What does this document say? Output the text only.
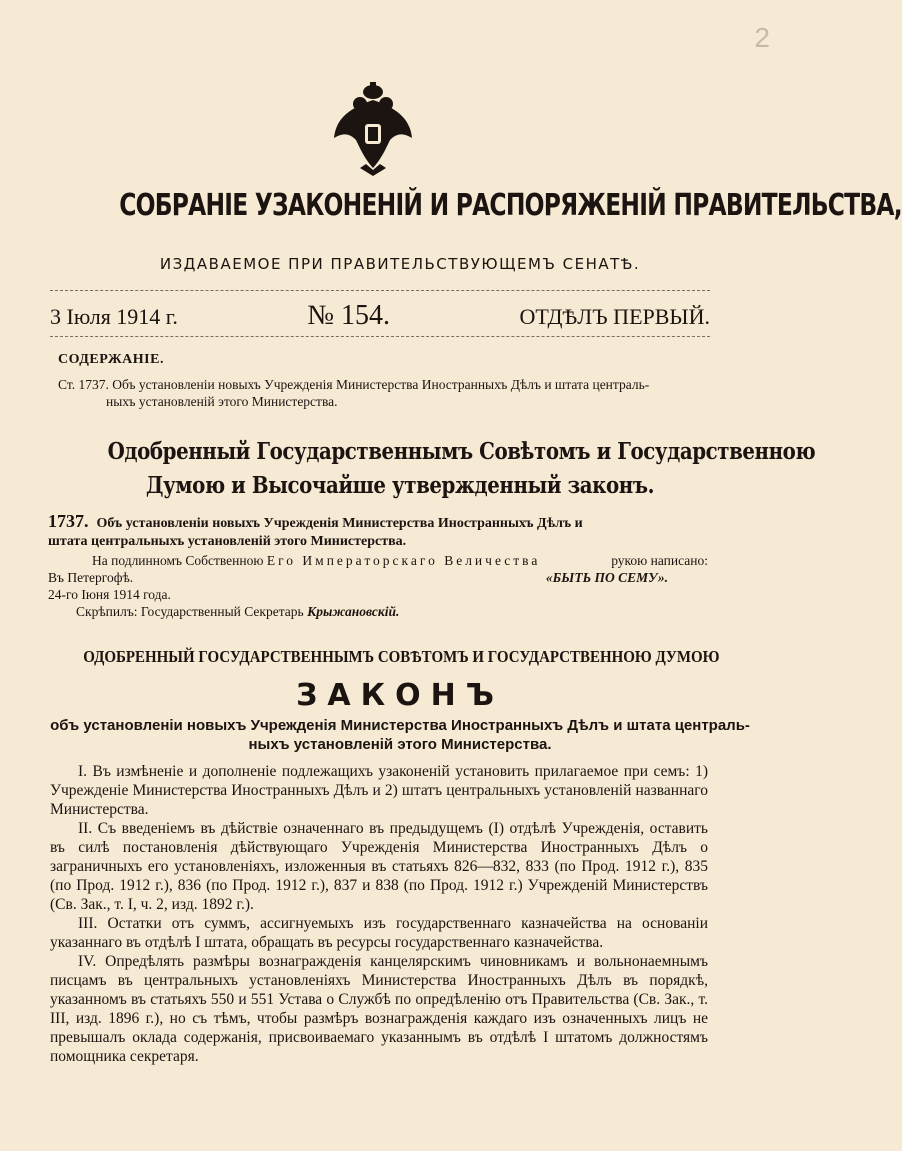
2
СОБРАНІЕ УЗАКОНЕНІЙ И РАСПОРЯЖЕНІЙ ПРАВИТЕЛЬСТВА,
ИЗДАВАЕМОЕ ПРИ ПРАВИТЕЛЬСТВУЮЩЕМЪ СЕНАТѢ.
3 Іюля 1914 г.	№ 154.	ОТДѢЛЪ ПЕРВЫЙ.
СОДЕРЖАНІЕ.
Ст. 1737. Объ установленіи новыхъ Учрежденія Министерства Иностранныхъ Дѣлъ и штата централь-
ныхъ установленій этого Министерства.
Одобренный Государственнымъ Совѣтомъ и Государственною
Думою и Высочайше утвержденный законъ.
1737. Объ установленіи новыхъ Учрежденія Министерства Иностранныхъ Дѣлъ и
штата центральныхъ установленій этого Министерства.
На подлинномъ Собственною Его Императорскаго Величества	рукою написано:
Въ Петергофѣ.	«БЫТЬ ПО СЕМУ».
24-го Іюня 1914 года.
Скрѣпилъ: Государственный Секретарь Крыжановскій.
ОДОБРЕННЫЙ ГОСУДАРСТВЕННЫМЪ СОВѢТОМЪ И ГОСУДАРСТВЕННОЮ ДУМОЮ
ЗАКОНЪ
объ установленіи новыхъ Учрежденія Министерства Иностранныхъ Дѣлъ и штата централь-
ныхъ установленій этого Министерства.

I. Въ измѣненіе и дополненіе подлежащихъ узаконеній установить прилагаемое при семъ: 1) Учрежденіе Министерства Иностранныхъ Дѣлъ и 2) штатъ центральныхъ установленій названнаго Министерства.

II. Съ введеніемъ въ дѣйствіе означеннаго въ предыдущемъ (I) отдѣлѣ Учрежденія, оставить въ силѣ постановленія дѣйствующаго Учрежденія Министерства Иностранныхъ Дѣлъ о заграничныхъ его установленіяхъ, изложенныя въ статьяхъ 826—832, 833 (по Прод. 1912 г.), 835 (по Прод. 1912 г.), 836 (по Прод. 1912 г.), 837 и 838 (по Прод. 1912 г.) Учрежденій Министерствъ (Св. Зак., т. I, ч. 2, изд. 1892 г.).

III. Остатки отъ суммъ, ассигнуемыхъ изъ государственнаго казначейства на основаніи указаннаго въ отдѣлѣ I штата, обращать въ ресурсы государственнаго казначейства.

IV. Опредѣлять размѣры вознагражденія канцелярскимъ чиновникамъ и вольнонаемнымъ писцамъ въ центральныхъ установленіяхъ Министерства Иностранныхъ Дѣлъ въ порядкѣ, указанномъ въ статьяхъ 550 и 551 Устава о Службѣ по опредѣленію отъ Правительства (Св. Зак., т. III, изд. 1896 г.), но съ тѣмъ, чтобы размѣръ вознагражденія каждаго изъ означенныхъ лицъ не превышалъ оклада содержанія, присвоиваемаго указаннымъ въ отдѣлѣ I штатомъ должностямъ помощника секретаря.
